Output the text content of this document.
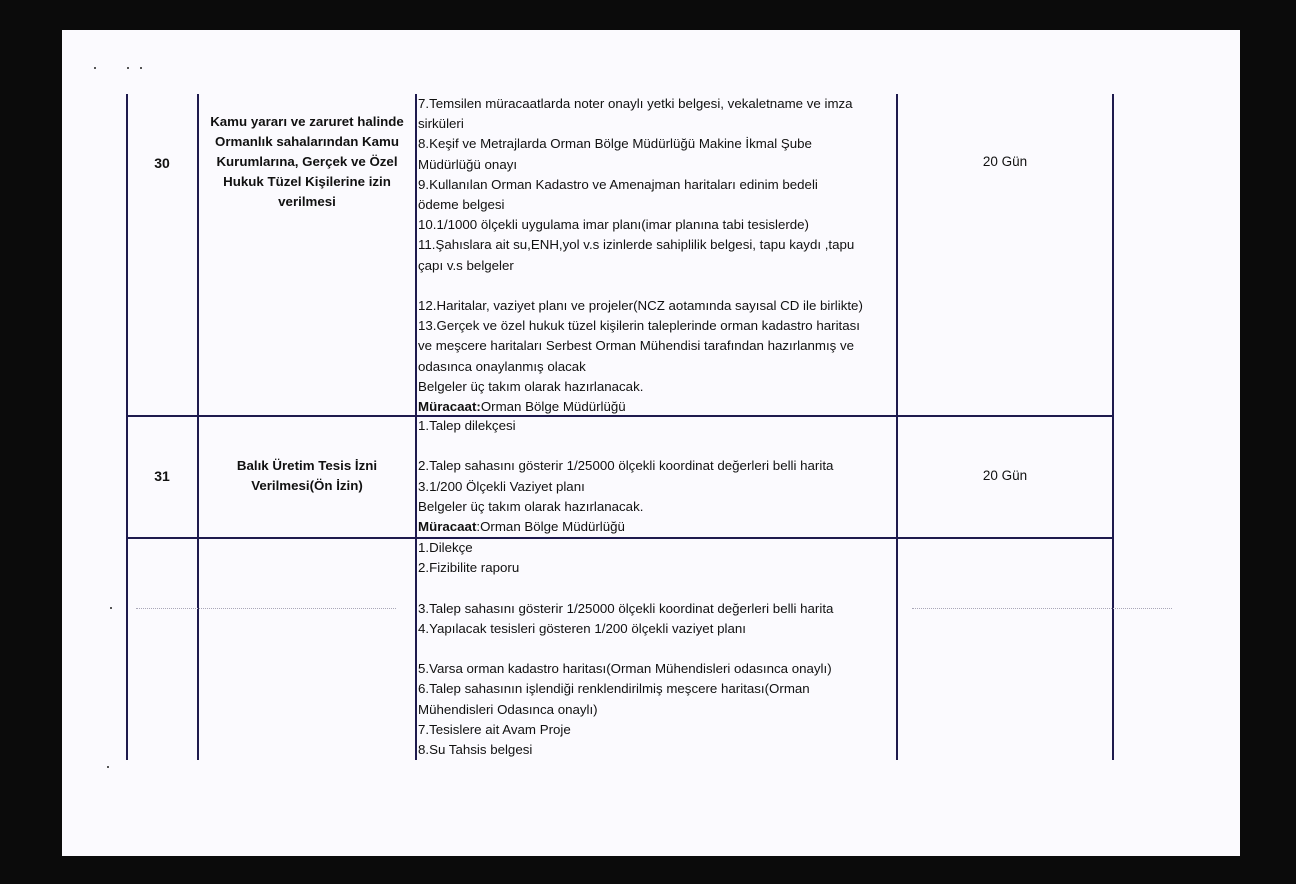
30
Kamu yararı ve zaruret halinde
Ormanlık sahalarından Kamu
Kurumlarına, Gerçek ve Özel
Hukuk Tüzel Kişilerine izin
verilmesi
7.Temsilen müracaatlarda noter onaylı yetki belgesi, vekaletname ve imza
sirküleri
8.Keşif ve Metrajlarda Orman Bölge Müdürlüğü Makine İkmal Şube
Müdürlüğü onayı
9.Kullanılan Orman Kadastro ve Amenajman haritaları edinim bedeli
ödeme belgesi
10.1/1000 ölçekli uygulama imar planı(imar planına tabi tesislerde)
11.Şahıslara ait su,ENH,yol v.s izinlerde sahiplilik belgesi, tapu kaydı ,tapu
çapı v.s belgeler
12.Haritalar, vaziyet planı ve projeler(NCZ aotamında sayısal CD ile birlikte)
13.Gerçek ve özel hukuk tüzel kişilerin taleplerinde orman kadastro haritası
ve meşcere haritaları Serbest Orman Mühendisi tarafından hazırlanmış ve
odasınca onaylanmış olacak
Belgeler üç takım olarak hazırlanacak.
Müracaat:Orman Bölge Müdürlüğü
20 Gün
31
Balık Üretim Tesis İzni
Verilmesi(Ön İzin)
1.Talep dilekçesi
2.Talep sahasını gösterir 1/25000 ölçekli koordinat değerleri belli harita
3.1/200 Ölçekli Vaziyet planı
Belgeler üç takım olarak hazırlanacak.
Müracaat:Orman Bölge Müdürlüğü
20 Gün
1.Dilekçe
2.Fizibilite raporu
3.Talep sahasını gösterir 1/25000 ölçekli koordinat değerleri belli harita
4.Yapılacak tesisleri gösteren 1/200 ölçekli vaziyet planı
5.Varsa orman kadastro haritası(Orman Mühendisleri odasınca onaylı)
6.Talep sahasının işlendiği renklendirilmiş meşcere haritası(Orman
Mühendisleri Odasınca onaylı)
7.Tesislere ait Avam Proje
8.Su Tahsis belgesi
